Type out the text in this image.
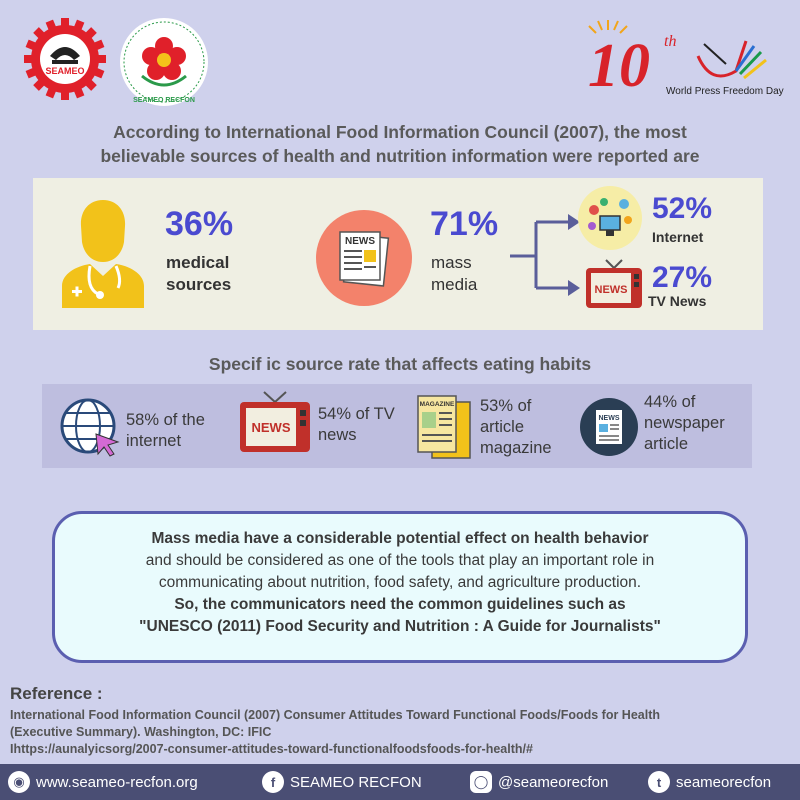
SEAMEO
SEAMEO RECFON
10 th
World Press Freedom Day
According to International Food Information Council (2007), the most
believable sources of health and nutrition information were reported are
36%
medical
sources
NEWS 71%
mass
media
52%
Internet
NEWS 27%
TV News
Specif ic source rate that affects eating habits
58% of the
internet
NEWS
54% of TV
news
MAGAZINE 53% of
article
magazine
NEWS
44% of
newspaper
article

Mass media have a considerable potential effect on health behavior

and should be considered as one of the tools that play an important role in

communicating about nutrition, food safety, and agriculture production.

So, the communicators need the common guidelines such as

"UNESCO (2011) Food Security and Nutrition : A Guide for Journalists"

Reference :
International Food Information Council (2007) Consumer Attitudes Toward Functional Foods/Foods for Health
(Executive Summary). Washington, DC: IFIC
Ihttps://aunalyicsorg/2007-consumer-attitudes-toward-functionalfoodsfoods-for-health/#
◉ www.seameo-recfon.org	f SEAMEO RECFON	◯ @seameorecfon	t seameorecfon
